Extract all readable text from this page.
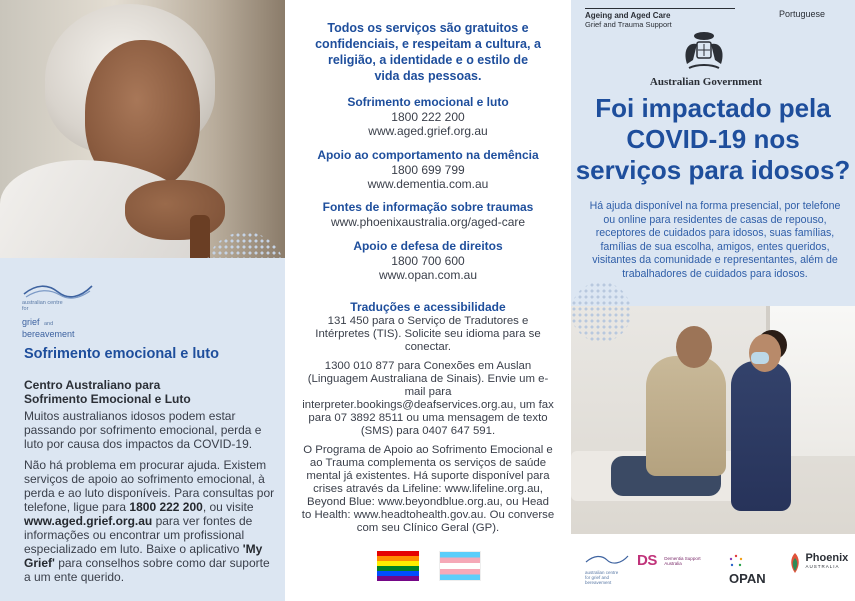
australian centre
for
grief and
bereavement
Sofrimento emocional e luto
Centro Australiano para
Sofrimento Emocional e Luto

Muitos australianos idosos podem estar passando por sofrimento emocional, perda e luto por causa dos impactos da COVID-19.

Não há problema em procurar ajuda. Existem serviços de apoio ao sofrimento emocional, à perda e ao luto disponíveis. Para consultas por telefone, ligue para 1800 222 200, ou visite www.aged.grief.org.au para ver fontes de informações ou encontrar um profissional especializado em luto. Baixe o aplicativo 'My Grief' para conselhos sobre como dar suporte a um ente querido.

Todos os serviços são gratuitos e confidenciais, e respeitam a cultura, a religião, a identidade e o estilo de vida das pessoas.

Sofrimento emocional e luto
1800 222 200
www.aged.grief.org.au
Apoio ao comportamento na demência
1800 699 799
www.dementia.com.au
Fontes de informação sobre traumas
www.phoenixaustralia.org/aged-care
Apoio e defesa de direitos
1800 700 600
www.opan.com.au
Traduções e acessibilidade

131 450 para o Serviço de Tradutores e Intérpretes (TIS). Solicite seu idioma para se conectar.

1300 010 877 para Conexões em Auslan (Linguagem Australiana de Sinais). Envie um e-mail para interpreter.bookings@deafservices.org.au, um fax para 07 3892 8511 ou uma mensagem de texto (SMS) para 0407 647 591.

O Programa de Apoio ao Sofrimento Emocional e ao Trauma complementa os serviços de saúde mental já existentes. Há suporte disponível para crises através da Lifeline: www.lifeline.org.au, Beyond Blue: www.beyondblue.org.au, ou Head to Health: www.headtohealth.gov.au. Ou converse com seu Clínico Geral (GP).

Ageing and Aged Care
Grief and Trauma Support
Portuguese
Australian Government
Foi impactado pela COVID-19 nos serviços para idosos?

Há ajuda disponível na forma presencial, por telefone ou online para residentes de casas de repouso, receptores de cuidados para idosos, suas famílias, famílias de sua escolha, amigos, entes queridos, visitantes da comunidade e representantes, além de trabalhadores de cuidados para idosos.

australian centre
for grief and
bereavement
DS Dementia Support
Australia
OPAN

Phoenix
AUSTRALIA
